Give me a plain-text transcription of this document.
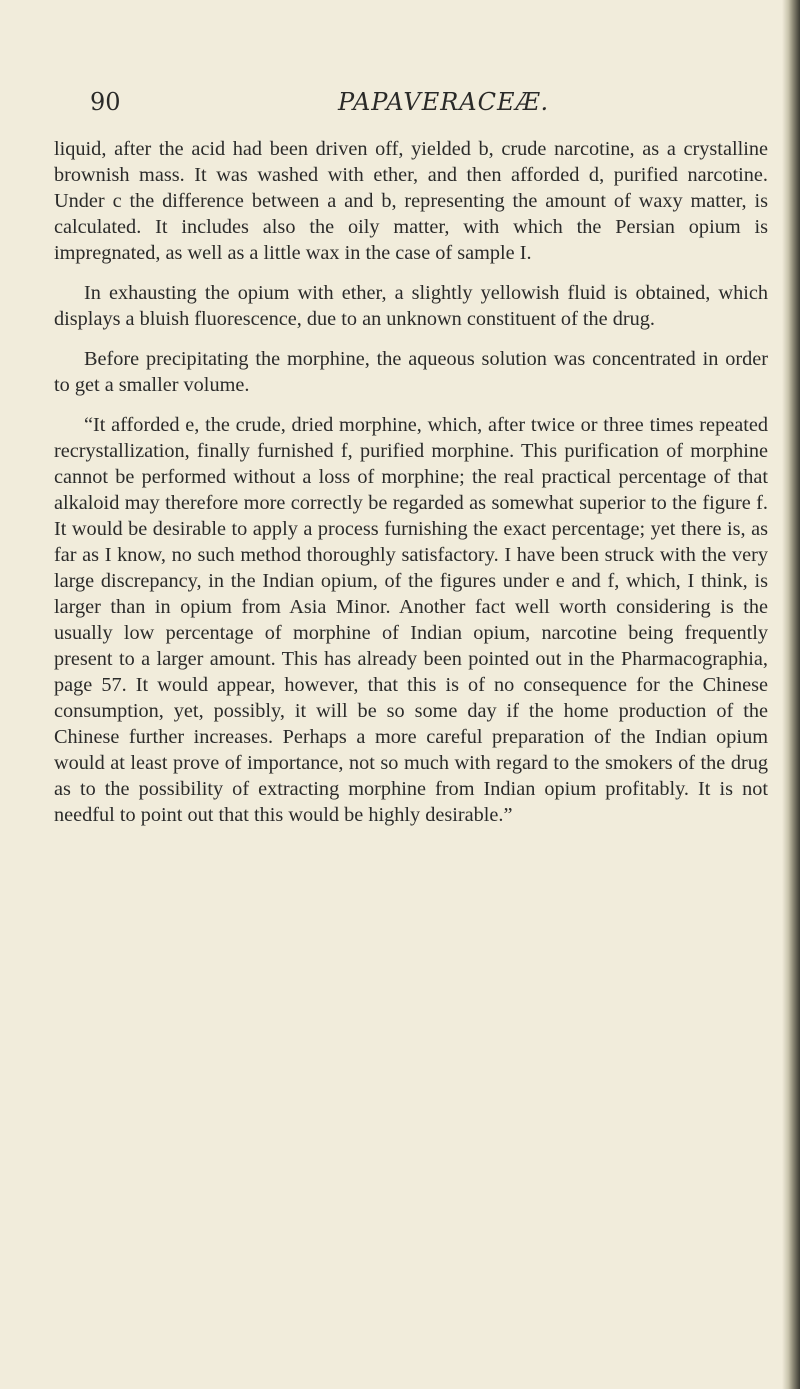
90	PAPAVERACEÆ.

liquid, after the acid had been driven off, yielded b, crude narcotine, as a crystalline brownish mass. It was washed with ether, and then afforded d, purified narcotine. Under c the difference between a and b, representing the amount of waxy matter, is calculated. It includes also the oily matter, with which the Persian opium is impregnated, as well as a little wax in the case of sample I.

In exhausting the opium with ether, a slightly yellowish fluid is obtained, which displays a bluish fluorescence, due to an unknown constituent of the drug.

Before precipitating the morphine, the aqueous solution was concentrated in order to get a smaller volume.

“It afforded e, the crude, dried morphine, which, after twice or three times repeated recrystallization, finally furnished f, purified morphine. This purification of morphine cannot be performed without a loss of morphine; the real practical percentage of that alkaloid may therefore more correctly be regarded as somewhat superior to the figure f. It would be desirable to apply a process furnishing the exact percentage; yet there is, as far as I know, no such method thoroughly satisfactory. I have been struck with the very large discrepancy, in the Indian opium, of the figures under e and f, which, I think, is larger than in opium from Asia Minor. Another fact well worth considering is the usually low percentage of morphine of Indian opium, narcotine being frequently present to a larger amount. This has already been pointed out in the Pharmacographia, page 57. It would appear, however, that this is of no consequence for the Chinese consumption, yet, possibly, it will be so some day if the home production of the Chinese further increases. Perhaps a more careful preparation of the Indian opium would at least prove of importance, not so much with regard to the smokers of the drug as to the possibility of extracting morphine from Indian opium profitably. It is not needful to point out that this would be highly desirable.”
